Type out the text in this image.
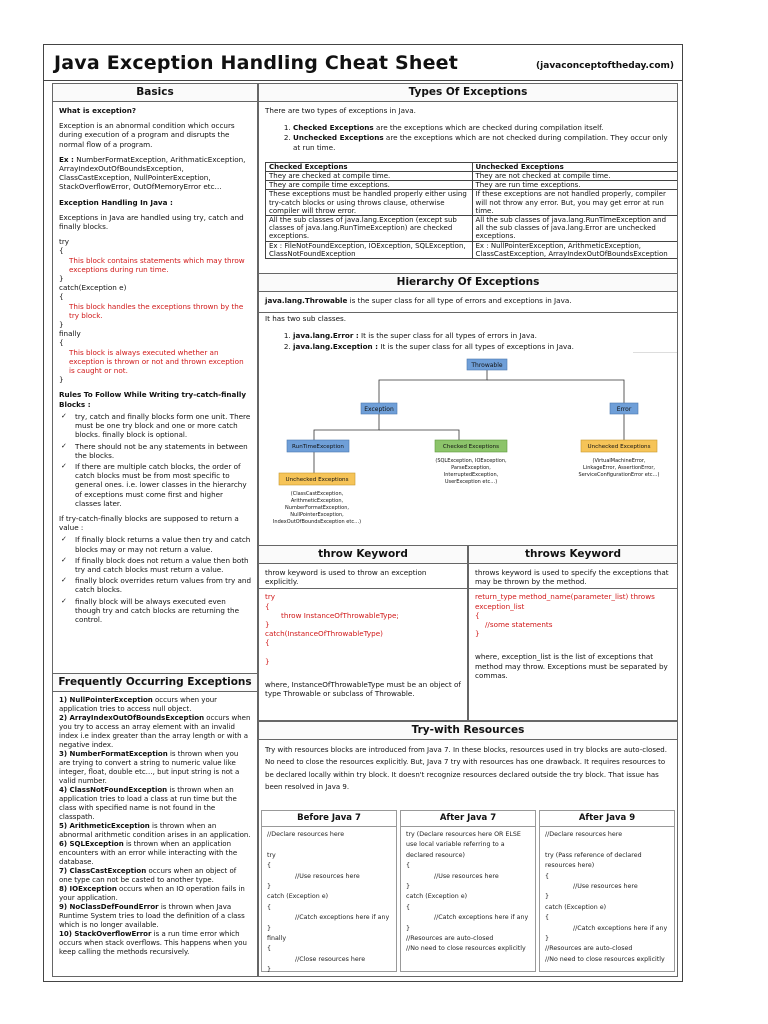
Java Exception Handling Cheat Sheet	(javaconceptoftheday.com)
Basics
What is exception?
Exception is an abnormal condition which occurs during execution of a program and disrupts the normal flow of a program.
Ex : NumberFormatException, ArithmaticException, ArrayIndexOutOfBoundsException, ClassCastException, NullPointerException, StackOverflowError, OutOfMemoryError etc…
Exception Handling In Java :
Exceptions in Java are handled using try, catch and finally blocks.
try
{
This block contains statements which may throw exceptions during run time.
}
catch(Exception e)
{
This block handles the exceptions thrown by the try block.
}
finally
{
This block is always executed whether an exception is thrown or not and thrown exception is caught or not.
}
Rules To Follow While Writing try-catch-finally Blocks :
✓ try, catch and finally blocks form one unit. There must be one try block and one or more catch blocks. finally block is optional.
✓ There should not be any statements in between the blocks.
✓ If there are multiple catch blocks, the order of catch blocks must be from most specific to general ones. i.e. lower classes in the hierarchy of exceptions must come first and higher classes later.
If try-catch-finally blocks are supposed to return a value :
✓ If finally block returns a value then try and catch blocks may or may not return a value.
✓ If finally block does not return a value then both try and catch blocks must return a value.
✓ finally block overrides return values from try and catch blocks.
✓ finally block will be always executed even though try and catch blocks are returning the control.
Frequently Occurring Exceptions
1) NullPointerException occurs when your application tries to access null object.
2) ArrayIndexOutOfBoundsException occurs when you try to access an array element with an invalid index i.e index greater than the array length or with a negative index.
3) NumberFormatException is thrown when you are trying to convert a string to numeric value like integer, float, double etc…, but input string is not a valid number.
4) ClassNotFoundException is thrown when an application tries to load a class at run time but the class with specified name is not found in the classpath.
5) ArithmeticException is thrown when an abnormal arithmetic condition arises in an application.
6) SQLException is thrown when an application encounters with an error while interacting with the database.
7) ClassCastException occurs when an object of one type can not be casted to another type.
8) IOException occurs when an IO operation fails in your application.
9) NoClassDefFoundError is thrown when Java Runtime System tries to load the definition of a class which is no longer available.
10) StackOverflowError is a run time error which occurs when stack overflows. This happens when you keep calling the methods recursively.
Types Of Exceptions
There are two types of exceptions in Java.
1. Checked Exceptions are the exceptions which are checked during compilation itself.
2. Unchecked Exceptions are the exceptions which are not checked during compilation. They occur only at run time.
Checked Exceptions	Unchecked Exceptions
They are checked at compile time.	They are not checked at compile time.
They are compile time exceptions.	They are run time exceptions.
These exceptions must be handled properly either using try-catch blocks or using throws clause, otherwise compiler will throw error.	If these exceptions are not handled properly, compiler will not throw any error. But, you may get error at run time.
All the sub classes of java.lang.Exception (except sub classes of java.lang.RunTimeException) are checked exceptions.	All the sub classes of java.lang.RunTimeException and all the sub classes of java.lang.Error are unchecked exceptions.
Ex : FileNotFoundException, IOException, SQLException, ClassNotFoundException	Ex : NullPointerException, ArithmeticException, ClassCastException, ArrayIndexOutOfBoundsException
Hierarchy Of Exceptions
java.lang.Throwable is the super class for all type of errors and exceptions in Java.
It has two sub classes.
1. java.lang.Error : It is the super class for all types of errors in Java.
2. java.lang.Exception : It is the super class for all types of exceptions in Java.
Throwable
Exception	Error
RunTimeException	Checked Exceptions	Unchecked Exceptions
Unchecked Exceptions
(SQLException, IOException,
ParseException,
InterruptedException,
UserException etc…)
(VirtualMachineError,
LinkageError, AssertionError,
ServiceConfigurationError etc…)
(ClassCastException,
ArithmeticException,
NumberFormatException,
NullPointerException,
IndexOutOfBoundsException etc…)
throw Keyword
throw keyword is used to throw an exception explicitly.
try
{
throw InstanceOfThrowableType;
}
catch(InstanceOfThrowableType)
{
}
where, InstanceOfThrowableType must be an object of type Throwable or subclass of Throwable.
throws Keyword
throws keyword is used to specify the exceptions that may be thrown by the method.
return_type method_name(parameter_list) throws exception_list
{
//some statements
}
where, exception_list is the list of exceptions that method may throw. Exceptions must be separated by commas.
Try-with Resources
Try with resources blocks are introduced from Java 7. In these blocks, resources used in try blocks are auto-closed. No need to close the resources explicitly. But, Java 7 try with resources has one drawback. It requires resources to be declared locally within try block. It doesn't recognize resources declared outside the try block. That issue has been resolved in Java 9.
Before Java 7
//Declare resources here

try
{
//Use resources here
}
catch (Exception e)
{
//Catch exceptions here if any
}
finally
{
//Close resources here
}
After Java 7
try (Declare resources here OR ELSE use local variable referring to a declared resource)
{
//Use resources here
}
catch (Exception e)
{
//Catch exceptions here if any
}
//Resources are auto-closed
//No need to close resources explicitly
After Java 9
//Declare resources here

try (Pass reference of declared resources here)
{
//Use resources here
}
catch (Exception e)
{
//Catch exceptions here if any
}
//Resources are auto-closed
//No need to close resources explicitly
